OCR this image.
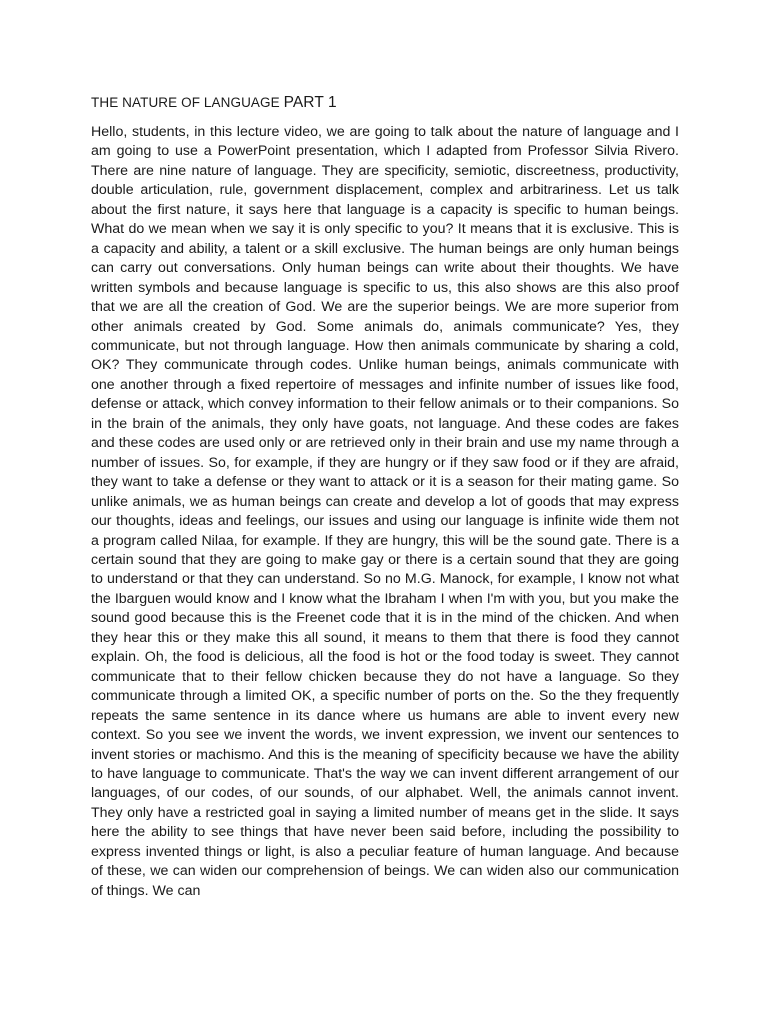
THE NATURE OF LANGUAGE PART 1

Hello, students, in this lecture video, we are going to talk about the nature of language and I am going to use a PowerPoint presentation, which I adapted from Professor Silvia Rivero. There are nine nature of language. They are specificity, semiotic, discreetness, productivity, double articulation, rule, government displacement, complex and arbitrariness. Let us talk about the first nature, it says here that language is a capacity is specific to human beings. What do we mean when we say it is only specific to you? It means that it is exclusive. This is a capacity and ability, a talent or a skill exclusive. The human beings are only human beings can carry out conversations. Only human beings can write about their thoughts. We have written symbols and because language is specific to us, this also shows are this also proof that we are all the creation of God. We are the superior beings. We are more superior from other animals created by God. Some animals do, animals communicate? Yes, they communicate, but not through language. How then animals communicate by sharing a cold, OK? They communicate through codes. Unlike human beings, animals communicate with one another through a fixed repertoire of messages and infinite number of issues like food, defense or attack, which convey information to their fellow animals or to their companions. So in the brain of the animals, they only have goats, not language. And these codes are fakes and these codes are used only or are retrieved only in their brain and use my name through a number of issues. So, for example, if they are hungry or if they saw food or if they are afraid, they want to take a defense or they want to attack or it is a season for their mating game. So unlike animals, we as human beings can create and develop a lot of goods that may express our thoughts, ideas and feelings, our issues and using our language is infinite wide them not a program called Nilaa, for example. If they are hungry, this will be the sound gate. There is a certain sound that they are going to make gay or there is a certain sound that they are going to understand or that they can understand. So no M.G. Manock, for example, I know not what the Ibarguen would know and I know what the Ibraham I when I'm with you, but you make the sound good because this is the Freenet code that it is in the mind of the chicken. And when they hear this or they make this all sound, it means to them that there is food they cannot explain. Oh, the food is delicious, all the food is hot or the food today is sweet. They cannot communicate that to their fellow chicken because they do not have a language. So they communicate through a limited OK, a specific number of ports on the. So the they frequently repeats the same sentence in its dance where us humans are able to invent every new context. So you see we invent the words, we invent expression, we invent our sentences to invent stories or machismo. And this is the meaning of specificity because we have the ability to have language to communicate. That's the way we can invent different arrangement of our languages, of our codes, of our sounds, of our alphabet. Well, the animals cannot invent. They only have a restricted goal in saying a limited number of means get in the slide. It says here the ability to see things that have never been said before, including the possibility to express invented things or light, is also a peculiar feature of human language. And because of these, we can widen our comprehension of beings. We can widen also our communication of things. We can
